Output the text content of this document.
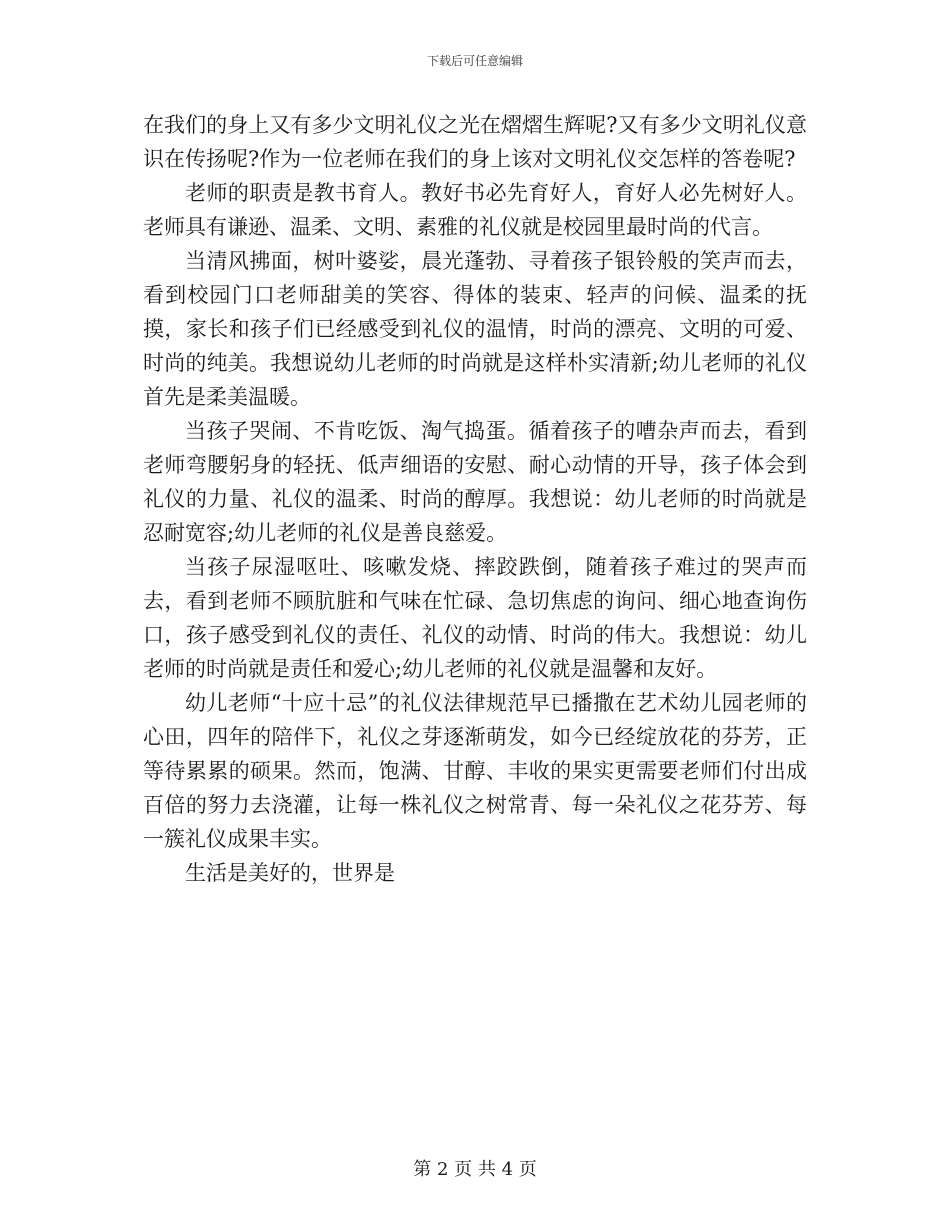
下载后可任意编辑

在我们的身上又有多少文明礼仪之光在熠熠生辉呢?又有多少文明礼仪意识在传扬呢?作为一位老师在我们的身上该对文明礼仪交怎样的答卷呢?

老师的职责是教书育人。教好书必先育好人，育好人必先树好人。老师具有谦逊、温柔、文明、素雅的礼仪就是校园里最时尚的代言。

当清风拂面，树叶婆娑，晨光蓬勃、寻着孩子银铃般的笑声而去，看到校园门口老师甜美的笑容、得体的装束、轻声的问候、温柔的抚摸，家长和孩子们已经感受到礼仪的温情，时尚的漂亮、文明的可爱、时尚的纯美。我想说幼儿老师的时尚就是这样朴实清新;幼儿老师的礼仪首先是柔美温暖。

当孩子哭闹、不肯吃饭、淘气捣蛋。循着孩子的嘈杂声而去，看到老师弯腰躬身的轻抚、低声细语的安慰、耐心动情的开导，孩子体会到礼仪的力量、礼仪的温柔、时尚的醇厚。我想说：幼儿老师的时尚就是忍耐宽容;幼儿老师的礼仪是善良慈爱。

当孩子尿湿呕吐、咳嗽发烧、摔跤跌倒，随着孩子难过的哭声而去，看到老师不顾肮脏和气味在忙碌、急切焦虑的询问、细心地查询伤口，孩子感受到礼仪的责任、礼仪的动情、时尚的伟大。我想说：幼儿老师的时尚就是责任和爱心;幼儿老师的礼仪就是温馨和友好。

幼儿老师“十应十忌”的礼仪法律规范早已播撒在艺术幼儿园老师的心田，四年的陪伴下，礼仪之芽逐渐萌发，如今已经绽放花的芬芳，正等待累累的硕果。然而，饱满、甘醇、丰收的果实更需要老师们付出成百倍的努力去浇灌，让每一株礼仪之树常青、每一朵礼仪之花芬芳、每一簇礼仪成果丰实。

生活是美好的，世界是

第 2 页 共 4 页
